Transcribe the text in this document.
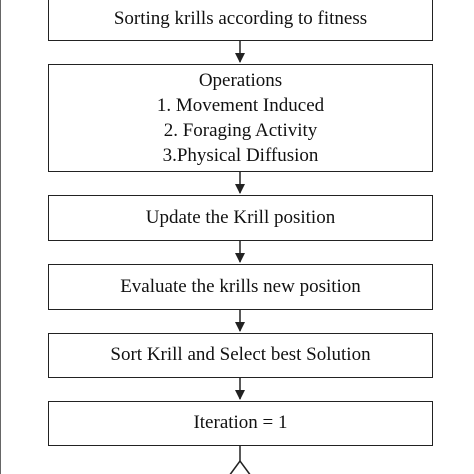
Sorting krills according to fitness
Operations
1. Movement Induced
2. Foraging Activity
3.Physical Diffusion
Update the Krill position
Evaluate the krills new position
Sort Krill and Select best Solution
Iteration = 1
